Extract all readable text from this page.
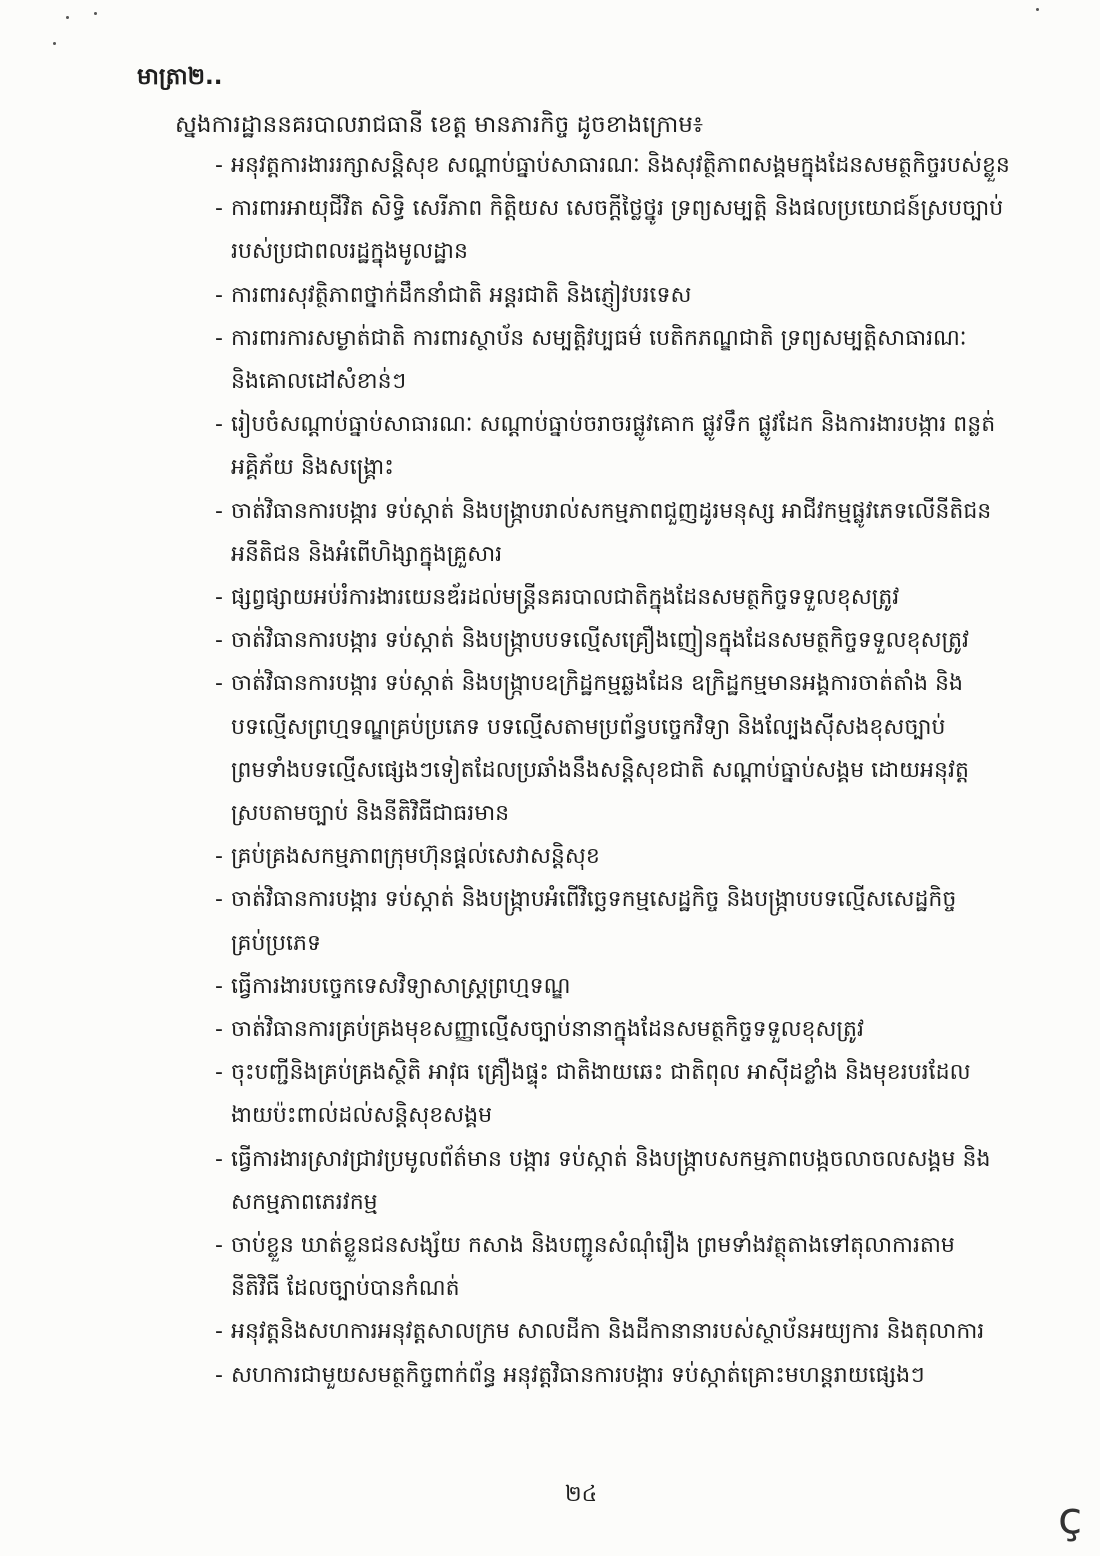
មាត្រា២..
ស្នងការដ្ឋាននគរបាលរាជធានី ខេត្ត មានភារកិច្ច ដូចខាងក្រោម៖
- អនុវត្តការងាររក្សាសន្តិសុខ សណ្តាប់ធ្នាប់សាធារណៈ និងសុវត្ថិភាពសង្គមក្នុងដែនសមត្ថកិច្ចរបស់ខ្លួន
- ការពារអាយុជីវិត សិទ្ធិ សេរីភាព កិត្តិយស សេចក្តីថ្លៃថ្នូរ ទ្រព្យសម្បត្តិ និងផលប្រយោជន៍ស្របច្បាប់
របស់ប្រជាពលរដ្ឋក្នុងមូលដ្ឋាន
- ការពារសុវត្ថិភាពថ្នាក់ដឹកនាំជាតិ អន្តរជាតិ និងភ្ញៀវបរទេស
- ការពារការសម្ងាត់ជាតិ ការពារស្ថាប័ន សម្បត្តិវប្បធម៌ បេតិកភណ្ឌជាតិ ទ្រព្យសម្បត្តិសាធារណៈ
និងគោលដៅសំខាន់ៗ
- រៀបចំសណ្តាប់ធ្នាប់សាធារណៈ សណ្តាប់ធ្នាប់ចរាចរផ្លូវគោក ផ្លូវទឹក ផ្លូវដែក និងការងារបង្ការ ពន្លត់
អគ្គិភ័យ និងសង្គ្រោះ
- ចាត់វិធានការបង្ការ ទប់ស្កាត់ និងបង្ក្រាបរាល់សកម្មភាពជួញដូរមនុស្ស អាជីវកម្មផ្លូវភេទលើនីតិជន
អនីតិជន និងអំពើហិង្សាក្នុងគ្រួសារ
- ផ្សព្វផ្សាយអប់រំការងារយេនឌ័រដល់មន្ត្រីនគរបាលជាតិក្នុងដែនសមត្ថកិច្ចទទួលខុសត្រូវ
- ចាត់វិធានការបង្ការ ទប់ស្កាត់ និងបង្ក្រាបបទល្មើសគ្រឿងញៀនក្នុងដែនសមត្ថកិច្ចទទួលខុសត្រូវ
- ចាត់វិធានការបង្ការ ទប់ស្កាត់ និងបង្ក្រាបឧក្រិដ្ឋកម្មឆ្លងដែន ឧក្រិដ្ឋកម្មមានអង្គការចាត់តាំង និង
បទល្មើសព្រហ្មទណ្ឌគ្រប់ប្រភេទ បទល្មើសតាមប្រព័ន្ធបច្ចេកវិទ្យា និងល្បែងស៊ីសងខុសច្បាប់
ព្រមទាំងបទល្មើសផ្សេងៗទៀតដែលប្រឆាំងនឹងសន្តិសុខជាតិ សណ្តាប់ធ្នាប់សង្គម ដោយអនុវត្ត
ស្របតាមច្បាប់ និងនីតិវិធីជាធរមាន
- គ្រប់គ្រងសកម្មភាពក្រុមហ៊ុនផ្តល់សេវាសន្តិសុខ
- ចាត់វិធានការបង្ការ ទប់ស្កាត់ និងបង្ក្រាបអំពើវិច្ឆេទកម្មសេដ្ឋកិច្ច និងបង្ក្រាបបទល្មើសសេដ្ឋកិច្ច
គ្រប់ប្រភេទ
- ធ្វើការងារបច្ចេកទេសវិទ្យាសាស្ត្រព្រហ្មទណ្ឌ
- ចាត់វិធានការគ្រប់គ្រងមុខសញ្ញាល្មើសច្បាប់នានាក្នុងដែនសមត្ថកិច្ចទទួលខុសត្រូវ
- ចុះបញ្ជីនិងគ្រប់គ្រងស្ថិតិ អាវុធ គ្រឿងផ្ទុះ ជាតិងាយឆេះ ជាតិពុល អាស៊ីដខ្លាំង និងមុខរបរដែល
ងាយប៉ះពាល់ដល់សន្តិសុខសង្គម
- ធ្វើការងារស្រាវជ្រាវប្រមូលព័ត៌មាន បង្ការ ទប់ស្កាត់ និងបង្ក្រាបសកម្មភាពបង្កចលាចលសង្គម និង
សកម្មភាពភេរវកម្ម
- ចាប់ខ្លួន ឃាត់ខ្លួនជនសង្ស័យ កសាង និងបញ្ជូនសំណុំរឿង ព្រមទាំងវត្ថុតាងទៅតុលាការតាម
នីតិវិធី ដែលច្បាប់បានកំណត់
- អនុវត្តនិងសហការអនុវត្តសាលក្រម សាលដីកា និងដីកានានារបស់ស្ថាប័នអយ្យការ និងតុលាការ
- សហការជាមួយសមត្ថកិច្ចពាក់ព័ន្ធ អនុវត្តវិធានការបង្ការ ទប់ស្កាត់គ្រោះមហន្តរាយផ្សេងៗ
២៤	ç
